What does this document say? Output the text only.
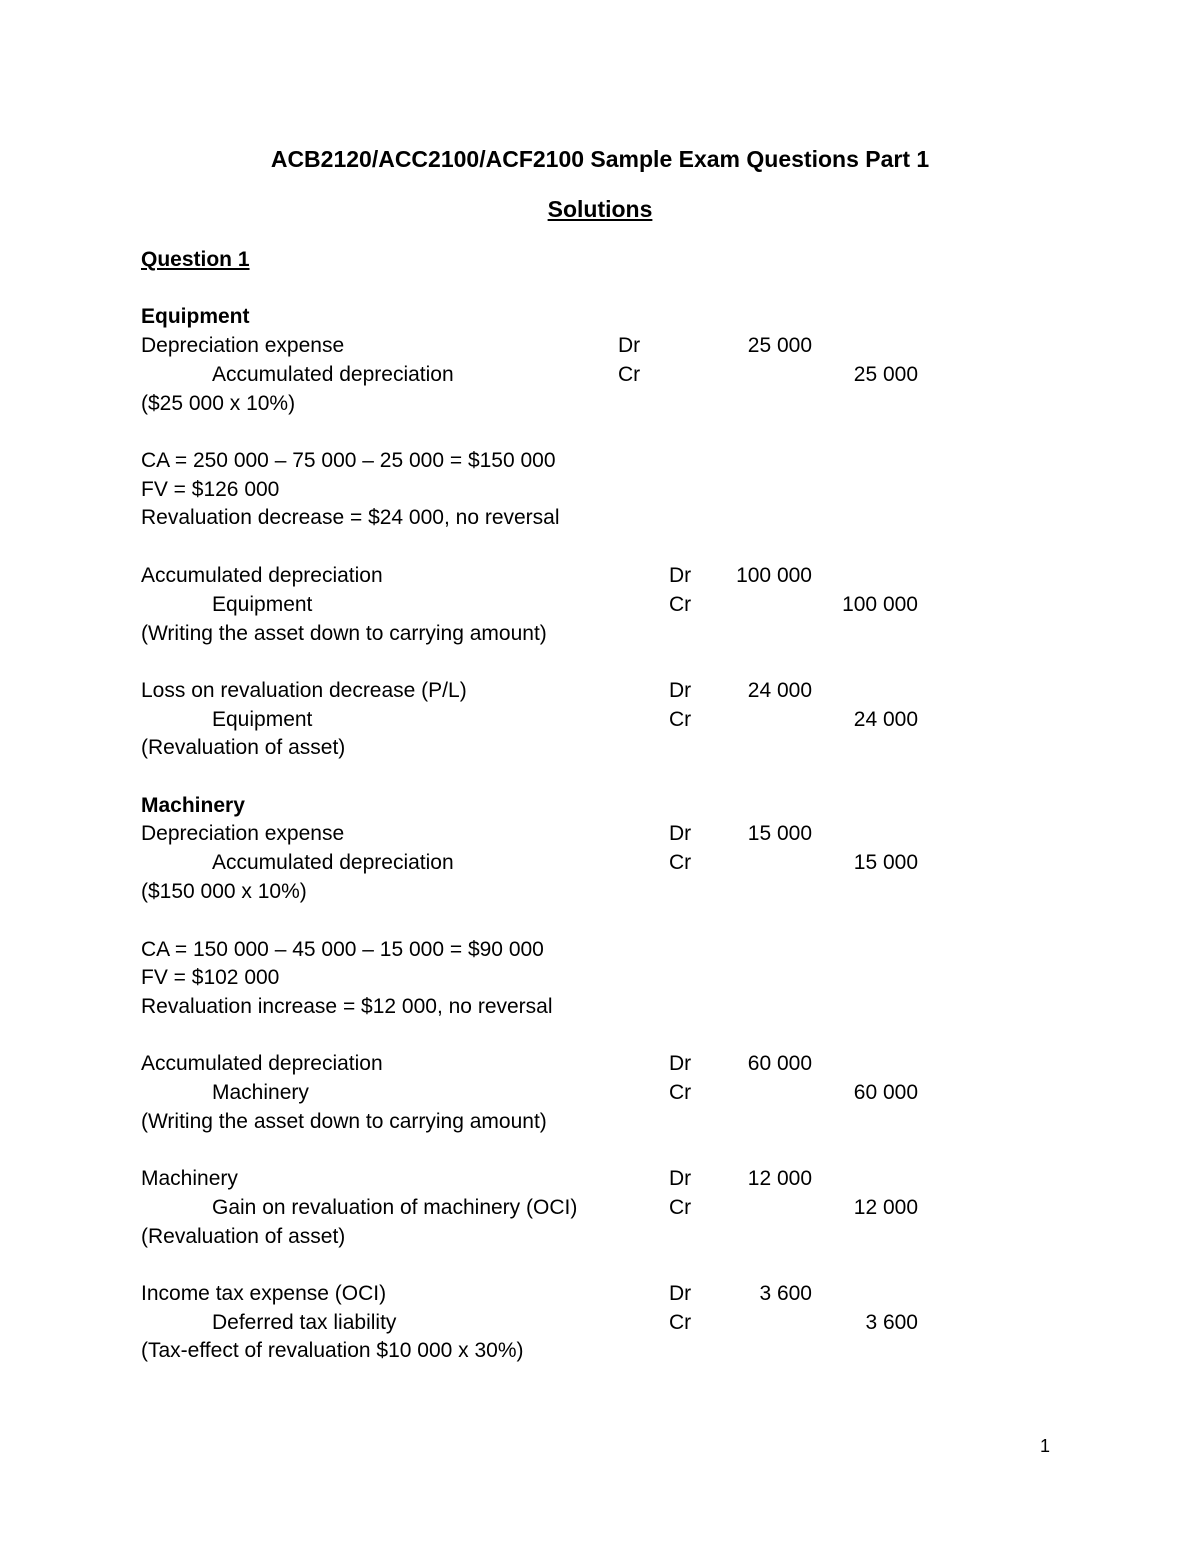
ACB2120/ACC2100/ACF2100 Sample Exam Questions Part 1
Solutions
Question 1
Equipment
Depreciation expense	Dr	25 000
Accumulated depreciation	Cr	25 000
($25 000 x 10%)
CA = 250 000 – 75 000 – 25 000 = $150 000
FV = $126 000
Revaluation decrease = $24 000, no reversal
Accumulated depreciation	Dr 100 000
Equipment	Cr	100 000
(Writing the asset down to carrying amount)
Loss on revaluation decrease (P/L)	Dr	24 000
Equipment	Cr	24 000
(Revaluation of asset)
Machinery
Depreciation expense	Dr	15 000
Accumulated depreciation	Cr	15 000
($150 000 x 10%)
CA = 150 000 – 45 000 – 15 000 = $90 000
FV = $102 000
Revaluation increase = $12 000, no reversal
Accumulated depreciation	Dr	60 000
Machinery	Cr	60 000
(Writing the asset down to carrying amount)
Machinery	Dr	12 000
Gain on revaluation of machinery (OCI)	Cr	12 000
(Revaluation of asset)
Income tax expense (OCI)	Dr	3 600
Deferred tax liability	Cr	3 600
(Tax-effect of revaluation $10 000 x 30%)
1
